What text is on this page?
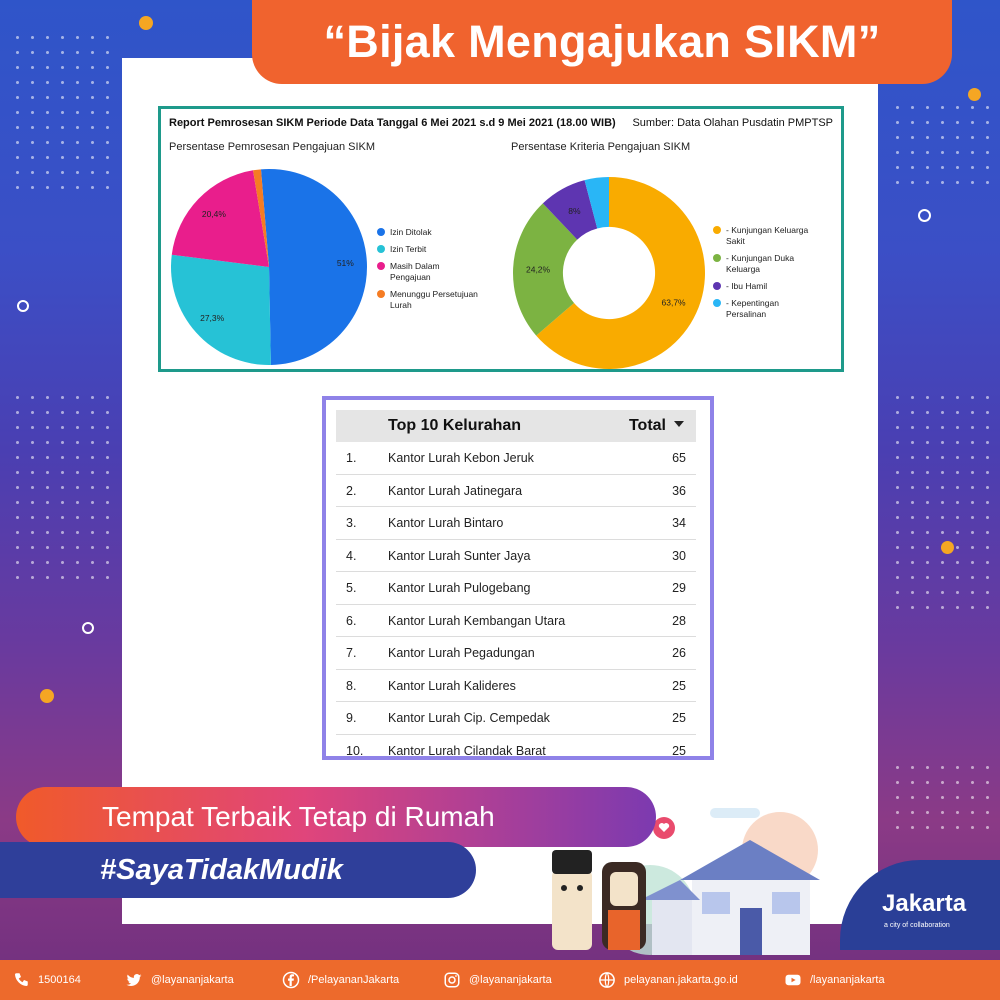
“Bijak Mengajukan SIKM”
Report Pemrosesan SIKM Periode Data Tanggal 6 Mei 2021 s.d 9 Mei 2021 (18.00 WIB) Sumber: Data Olahan Pusdatin PMPTSP
Persentase Pemrosesan Pengajuan SIKM	Persentase Kriteria Pengajuan SIKM
51%
27,3%
20,4%
63,7%
24,2%
8%
Izin Ditolak
Izin Terbit
Masih Dalam Pengajuan
Menunggu Persetujuan Lurah
- Kunjungan Keluarga Sakit
- Kunjungan Duka Keluarga
- Ibu Hamil
- Kepentingan Persalinan
Top 10 Kelurahan	Total
1.	Kantor Lurah Kebon Jeruk	65
2.	Kantor Lurah Jatinegara	36
3.	Kantor Lurah Bintaro	34
4.	Kantor Lurah Sunter Jaya	30
5.	Kantor Lurah Pulogebang	29
6.	Kantor Lurah Kembangan Utara	28
7.	Kantor Lurah Pegadungan	26
8.	Kantor Lurah Kalideres	25
9.	Kantor Lurah Cip. Cempedak	25
10. Kantor Lurah Cilandak Barat	25
Tempat Terbaik Tetap di Rumah
#SayaTidakMudik
Jakarta
a city of collaboration
1500164	@layananjakarta	/PelayananJakarta	@layananjakarta	pelayanan.jakarta.go.id	/layananjakarta
